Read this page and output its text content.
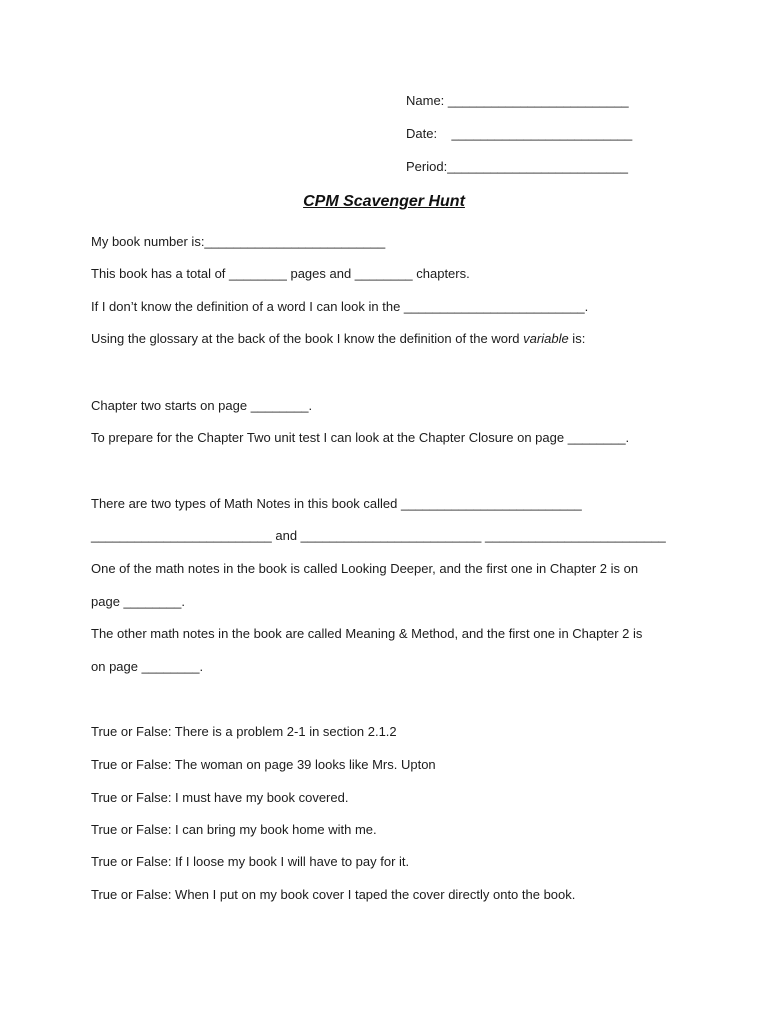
Name: _________________________
Date:    _________________________
Period:_________________________
CPM Scavenger Hunt
My book number is:_________________________
This book has a total of ________ pages and ________ chapters.
If I don’t know the definition of a word I can look in the _________________________.
Using the glossary at the back of the book I know the definition of the word variable is:
Chapter two starts on page ________.
To prepare for the Chapter Two unit test I can look at the Chapter Closure on page ________.
There are two types of Math Notes in this book called _________________________
_________________________ and _________________________ _________________________
One of the math notes in the book is called Looking Deeper, and the first one in Chapter 2 is on
page ________.
The other math notes in the book are called Meaning & Method, and the first one in Chapter 2 is
on page ________.
True or False: There is a problem 2-1 in section 2.1.2
True or False: The woman on page 39 looks like Mrs. Upton
True or False: I must have my book covered.
True or False: I can bring my book home with me.
True or False: If I loose my book I will have to pay for it.
True or False: When I put on my book cover I taped the cover directly onto the book.
